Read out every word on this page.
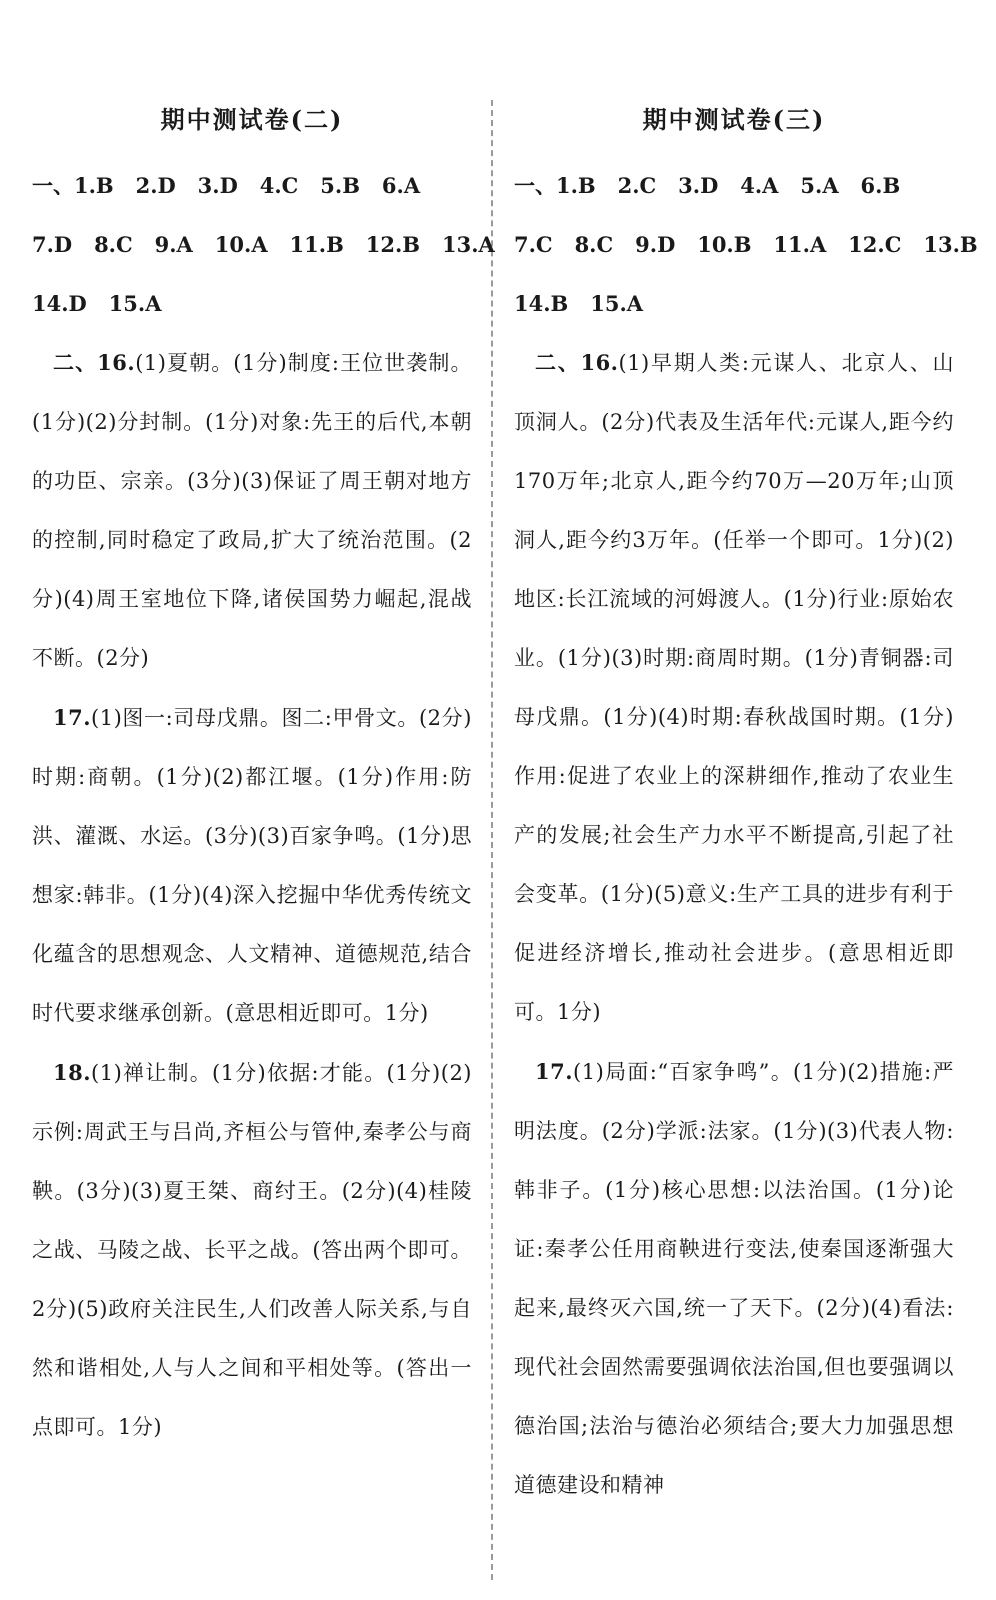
期中测试卷(二)

一、1.B   2.D   3.D   4.C   5.B   6.A

7.D   8.C   9.A   10.A   11.B   12.B   13.A

14.D   15.A

二、16.(1)夏朝。(1分)制度:王位世袭制。(1分)(2)分封制。(1分)对象:先王的后代,本朝的功臣、宗亲。(3分)(3)保证了周王朝对地方的控制,同时稳定了政局,扩大了统治范围。(2分)(4)周王室地位下降,诸侯国势力崛起,混战不断。(2分)

17.(1)图一:司母戊鼎。图二:甲骨文。(2分)时期:商朝。(1分)(2)都江堰。(1分)作用:防洪、灌溉、水运。(3分)(3)百家争鸣。(1分)思想家:韩非。(1分)(4)深入挖掘中华优秀传统文化蕴含的思想观念、人文精神、道德规范,结合时代要求继承创新。(意思相近即可。1分)

18.(1)禅让制。(1分)依据:才能。(1分)(2)示例:周武王与吕尚,齐桓公与管仲,秦孝公与商鞅。(3分)(3)夏王桀、商纣王。(2分)(4)桂陵之战、马陵之战、长平之战。(答出两个即可。2分)(5)政府关注民生,人们改善人际关系,与自然和谐相处,人与人之间和平相处等。(答出一点即可。1分)

期中测试卷(三)

一、1.B   2.C   3.D   4.A   5.A   6.B

7.C   8.C   9.D   10.B   11.A   12.C   13.B

14.B   15.A

二、16.(1)早期人类:元谋人、北京人、山顶洞人。(2分)代表及生活年代:元谋人,距今约170万年;北京人,距今约70万—20万年;山顶洞人,距今约3万年。(任举一个即可。1分)(2)地区:长江流域的河姆渡人。(1分)行业:原始农业。(1分)(3)时期:商周时期。(1分)青铜器:司母戊鼎。(1分)(4)时期:春秋战国时期。(1分)作用:促进了农业上的深耕细作,推动了农业生产的发展;社会生产力水平不断提高,引起了社会变革。(1分)(5)意义:生产工具的进步有利于促进经济增长,推动社会进步。(意思相近即可。1分)

17.(1)局面:“百家争鸣”。(1分)(2)措施:严明法度。(2分)学派:法家。(1分)(3)代表人物:韩非子。(1分)核心思想:以法治国。(1分)论证:秦孝公任用商鞅进行变法,使秦国逐渐强大起来,最终灭六国,统一了天下。(2分)(4)看法:现代社会固然需要强调依法治国,但也要强调以德治国;法治与德治必须结合;要大力加强思想道德建设和精神
